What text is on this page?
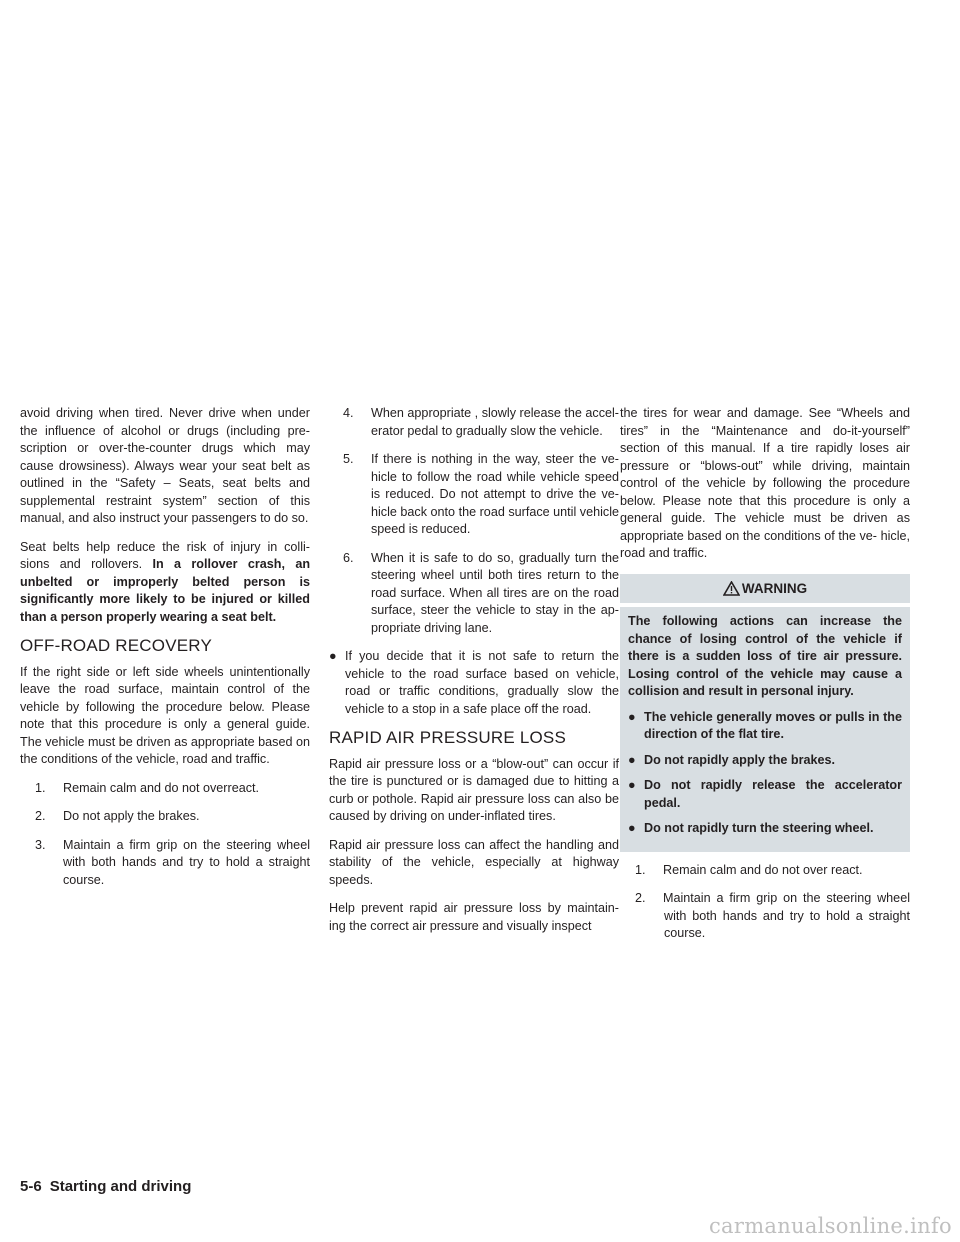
avoid driving when tired. Never drive when under the influence of alcohol or drugs (including pre- scription or over-the-counter drugs which may cause drowsiness). Always wear your seat belt as outlined in the “Safety – Seats, seat belts and supplemental restraint system” section of this manual, and also instruct your passengers to do so.

Seat belts help reduce the risk of injury in colli- sions and rollovers. In a rollover crash, an unbelted or improperly belted person is significantly more likely to be injured or killed than a person properly wearing a seat belt.

OFF-ROAD RECOVERY

If the right side or left side wheels unintentionally leave the road surface, maintain control of the vehicle by following the procedure below. Please note that this procedure is only a general guide. The vehicle must be driven as appropriate based on the conditions of the vehicle, road and traffic.

1. Remain calm and do not overreact.
2. Do not apply the brakes.
3. Maintain a firm grip on the steering wheel with both hands and try to hold a straight course.
4. When appropriate , slowly release the accel- erator pedal to gradually slow the vehicle.
5. If there is nothing in the way, steer the ve- hicle to follow the road while vehicle speed is reduced. Do not attempt to drive the ve- hicle back onto the road surface until vehicle speed is reduced.
6. When it is safe to do so, gradually turn the steering wheel until both tires return to the road surface. When all tires are on the road surface, steer the vehicle to stay in the ap- propriate driving lane.
● If you decide that it is not safe to return the vehicle to the road surface based on vehicle, road or traffic conditions, gradually slow the vehicle to a stop in a safe place off the road.
RAPID AIR PRESSURE LOSS

Rapid air pressure loss or a “blow-out” can occur if the tire is punctured or is damaged due to hitting a curb or pothole. Rapid air pressure loss can also be caused by driving on under-inflated tires.

Rapid air pressure loss can affect the handling and stability of the vehicle, especially at highway speeds.

Help prevent rapid air pressure loss by maintain- ing the correct air pressure and visually inspect

the tires for wear and damage. See “Wheels and tires” in the “Maintenance and do-it-yourself” section of this manual. If a tire rapidly loses air pressure or “blows-out” while driving, maintain control of the vehicle by following the procedure below. Please note that this procedure is only a general guide. The vehicle must be driven as appropriate based on the conditions of the ve- hicle, road and traffic.

WARNING

The following actions can increase the chance of losing control of the vehicle if there is a sudden loss of tire air pressure. Losing control of the vehicle may cause a collision and result in personal injury.

● The vehicle generally moves or pulls in the direction of the flat tire.
● Do not rapidly apply the brakes.
● Do not rapidly release the accelerator pedal.
● Do not rapidly turn the steering wheel.
1. Remain calm and do not over react.
2. Maintain a firm grip on the steering wheel with both hands and try to hold a straight course.
5-6 Starting and driving
carmanualsonline.info
